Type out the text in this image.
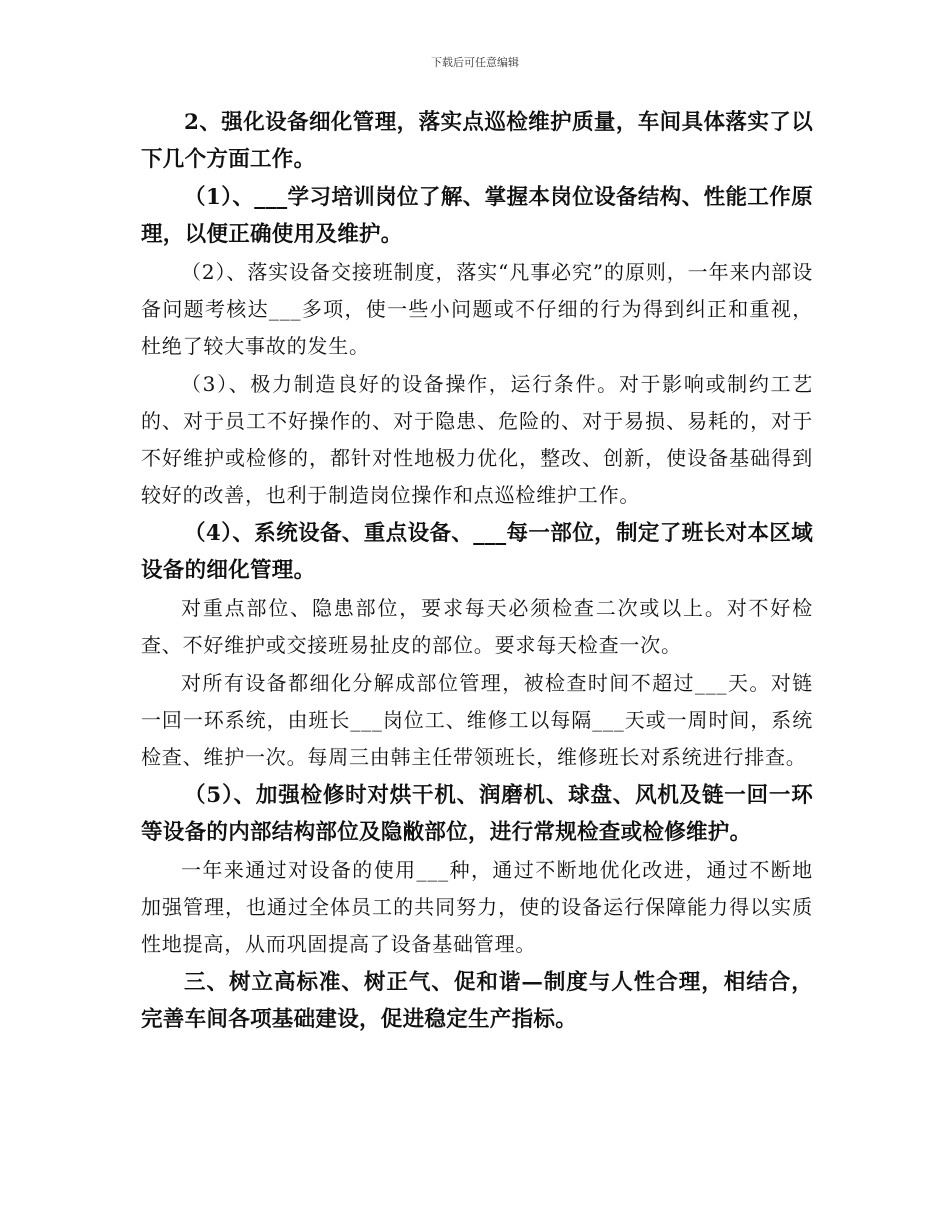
下载后可任意编辑

2、强化设备细化管理，落实点巡检维护质量，车间具体落实了以下几个方面工作。

（1）、___学习培训岗位了解、掌握本岗位设备结构、性能工作原理，以便正确使用及维护。

（2）、落实设备交接班制度，落实“凡事必究”的原则，一年来内部设备问题考核达___多项，使一些小问题或不仔细的行为得到纠正和重视，杜绝了较大事故的发生。

（3）、极力制造良好的设备操作，运行条件。对于影响或制约工艺的、对于员工不好操作的、对于隐患、危险的、对于易损、易耗的，对于不好维护或检修的，都针对性地极力优化，整改、创新，使设备基础得到较好的改善，也利于制造岗位操作和点巡检维护工作。

（4）、系统设备、重点设备、___每一部位，制定了班长对本区域设备的细化管理。

对重点部位、隐患部位，要求每天必须检查二次或以上。对不好检查、不好维护或交接班易扯皮的部位。要求每天检查一次。

对所有设备都细化分解成部位管理，被检查时间不超过___天。对链一回一环系统，由班长___岗位工、维修工以每隔___天或一周时间，系统检查、维护一次。每周三由韩主任带领班长，维修班长对系统进行排查。

（5）、加强检修时对烘干机、润磨机、球盘、风机及链一回一环等设备的内部结构部位及隐敝部位，进行常规检查或检修维护。

一年来通过对设备的使用___种，通过不断地优化改进，通过不断地加强管理，也通过全体员工的共同努力，使的设备运行保障能力得以实质性地提高，从而巩固提高了设备基础管理。

三、树立高标准、树正气、促和谐—制度与人性合理，相结合，完善车间各项基础建设，促进稳定生产指标。
